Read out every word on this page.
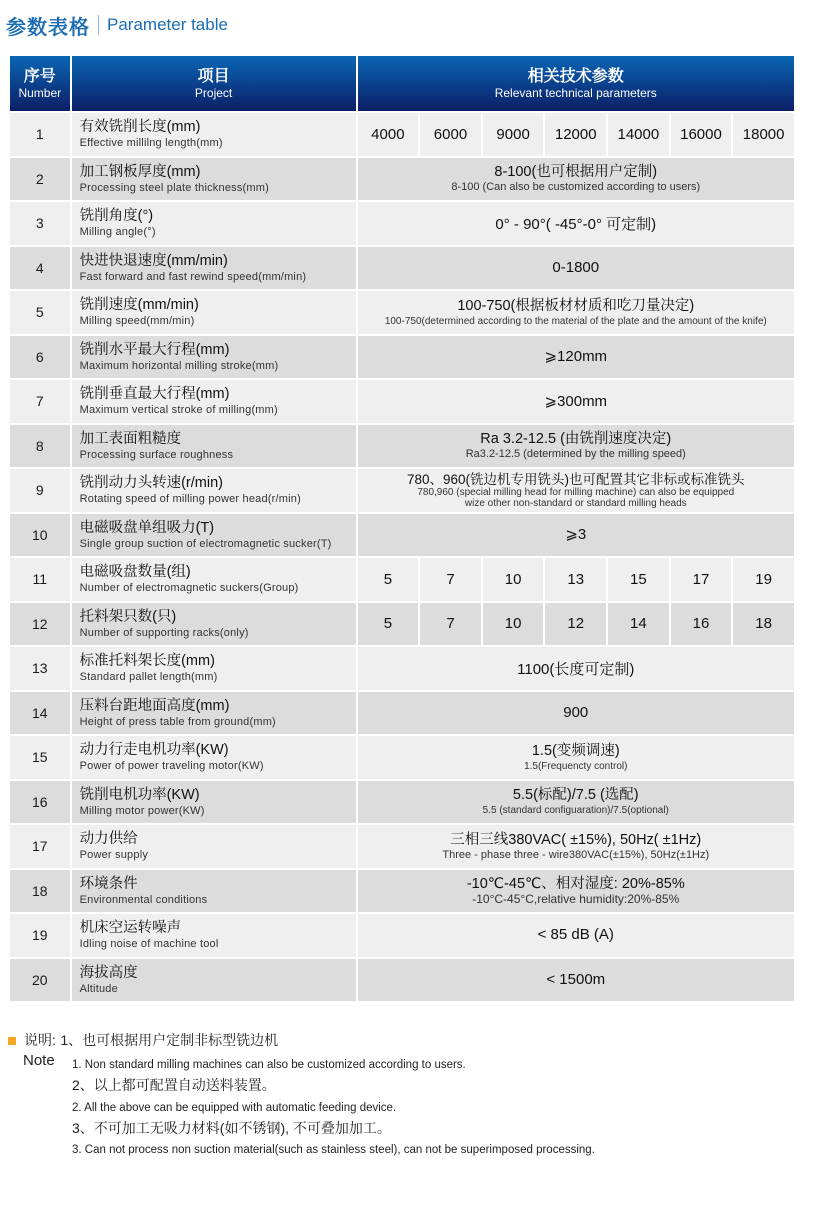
参数表格 Parameter table
序号
Number	项目
Project	相关技术参数
Relevant technical parameters						

1	有效铣削长度(mm)
Effective millilng length(mm)	4000	6000	9000	12000	14000	16000	18000
2	加工钢板厚度(mm)
Processing steel plate thickness(mm)	8-100(也可根据用户定制)
8-100 (Can also be customized according to users)						

3	铣削角度(°)
Milling angle(°)	0° - 90°( -45°-0° 可定制)						
4	快进快退速度(mm/min)
Fast forward and fast rewind speed(mm/min)	0-1800						
5	铣削速度(mm/min)
Milling speed(mm/min)	100-750(根据板材材质和吃刀量决定)
100-750(determined according to the material of the plate and the amount of the knife)						

6	铣削水平最大行程(mm)
Maximum horizontal milling stroke(mm)	⩾120mm						
7	铣削垂直最大行程(mm)
Maximum vertical stroke of milling(mm)	⩾300mm						
8	加工表面粗糙度
Processing surface roughness	Ra 3.2-12.5 (由铣削速度决定)
Ra3.2-12.5 (determined by the milling speed)						

9	铣削动力头转速(r/min)
Rotating speed of milling power head(r/min)	780、960(铣边机专用铣头)也可配置其它非标或标准铣头
780,960 (special milling head for milling machine) can also be equipped
wize other non-standard or standard milling heads						

10	电磁吸盘单组吸力(T)
Single group suction of electromagnetic sucker(T)	⩾3						
11	电磁吸盘数量(组)
Number of electromagnetic suckers(Group)	5	7	10	13	15	17	19
12	托料架只数(只)
Number of supporting racks(only)	5	7	10	12	14	16	18
13	标准托料架长度(mm)
Standard pallet length(mm)	1100(长度可定制)						
14	压料台距地面高度(mm)
Height of press table from ground(mm)	900						
15	动力行走电机功率(KW)
Power of power traveling motor(KW)	1.5(变频调速)
1.5(Frequencty control)						

16	铣削电机功率(KW)
Milling motor power(KW)	5.5(标配)/7.5 (选配)
5.5 (standard configuaration)/7.5(optional)						

17	动力供给
Power supply	三相三线380VAC( ±15%), 50Hz( ±1Hz)
Three - phase three - wire380VAC(±15%), 50Hz(±1Hz)						

18	环境条件
Environmental conditions	-10℃-45℃、相对湿度: 20%-85%
-10°C-45°C,relative humidity:20%-85%						

19	机床空运转噪声
Idling noise of machine tool	< 85 dB (A)						
20	海拔高度
Altitude	< 1500m						
说明: 1、也可根据用户定制非标型铣边机
Note 1. Non standard milling machines can also be customized according to users.
2、以上都可配置自动送料装置。
2. All the above can be equipped with automatic feeding device.
3、不可加工无吸力材料(如不锈钢), 不可叠加加工。
3. Can not process non suction material(such as stainless steel), can not be superimposed processing.
